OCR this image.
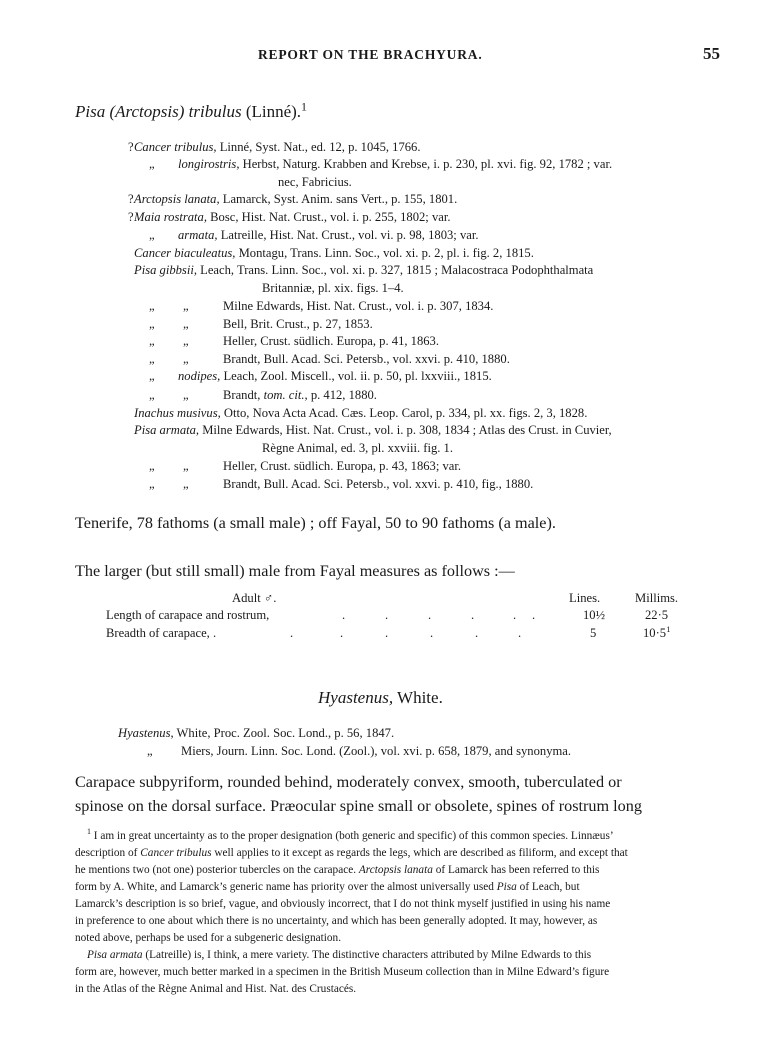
REPORT ON THE BRACHYURA.	55
Pisa (Arctopsis) tribulus (Linné).$^1$
? Cancer tribulus, Linné, Syst. Nat., ed. 12, p. 1045, 1766.
„ longirostris, Herbst, Naturg. Krabben and Krebse, i. p. 230, pl. xvi. fig. 92, 1782 ; var.
nec, Fabricius.
? Arctopsis lanata, Lamarck, Syst. Anim. sans Vert., p. 155, 1801.
? Maia rostrata, Bosc, Hist. Nat. Crust., vol. i. p. 255, 1802; var.
„ armata, Latreille, Hist. Nat. Crust., vol. vi. p. 98, 1803; var.
Cancer biaculeatus, Montagu, Trans. Linn. Soc., vol. xi. p. 2, pl. i. fig. 2, 1815.
Pisa gibbsii, Leach, Trans. Linn. Soc., vol. xi. p. 327, 1815 ; Malacostraca Podophthalmata
Britanniæ, pl. xix. figs. 1–4.
„ „	Milne Edwards, Hist. Nat. Crust., vol. i. p. 307, 1834.
„ „	Bell, Brit. Crust., p. 27, 1853.
„ „	Heller, Crust. südlich. Europa, p. 41, 1863.
„ „	Brandt, Bull. Acad. Sci. Petersb., vol. xxvi. p. 410, 1880.
„ nodipes, Leach, Zool. Miscell., vol. ii. p. 50, pl. lxxviii., 1815.
„ „	Brandt, tom. cit., p. 412, 1880.
Inachus musivus, Otto, Nova Acta Acad. Cæs. Leop. Carol, p. 334, pl. xx. figs. 2, 3, 1828.
Pisa armata, Milne Edwards, Hist. Nat. Crust., vol. i. p. 308, 1834 ; Atlas des Crust. in Cuvier,
Règne Animal, ed. 3, pl. xxviii. fig. 1.
„ „	Heller, Crust. südlich. Europa, p. 43, 1863; var.
„ „	Brandt, Bull. Acad. Sci. Petersb., vol. xxvi. p. 410, fig., 1880.
Tenerife, 78 fathoms (a small male) ; off Fayal, 50 to 90 fathoms (a male).
The larger (but still small) male from Fayal measures as follows :—
Adult ♂.	Lines.	Millims.
Length of carapace and rostrum,	10½	22·5
Breadth of carapace, .	5	$10\cdot 5^1$
.	.	.	.	. .
.	.	.	.	.	.
Hyastenus, White.
Hyastenus, White, Proc. Zool. Soc. Lond., p. 56, 1847.
„ Miers, Journ. Linn. Soc. Lond. (Zool.), vol. xvi. p. 658, 1879, and synonyma.
Carapace subpyriform, rounded behind, moderately convex, smooth, tuberculated or
spinose on the dorsal surface. Præocular spine small or obsolete, spines of rostrum long
$^1$ I am in great uncertainty as to the proper designation (both generic and specific) of this common species. Linnæus’
description of Cancer tribulus well applies to it except as regards the legs, which are described as filiform, and except that
he mentions two (not one) posterior tubercles on the carapace. Arctopsis lanata of Lamarck has been referred to this
form by A. White, and Lamarck’s generic name has priority over the almost universally used Pisa of Leach, but
Lamarck’s description is so brief, vague, and obviously incorrect, that I do not think myself justified in using his name
in preference to one about which there is no uncertainty, and which has been generally adopted. It may, however, as
noted above, perhaps be used for a subgeneric designation.
Pisa armata (Latreille) is, I think, a mere variety. The distinctive characters attributed by Milne Edwards to this
form are, however, much better marked in a specimen in the British Museum collection than in Milne Edward’s figure
in the Atlas of the Règne Animal and Hist. Nat. des Crustacés.
